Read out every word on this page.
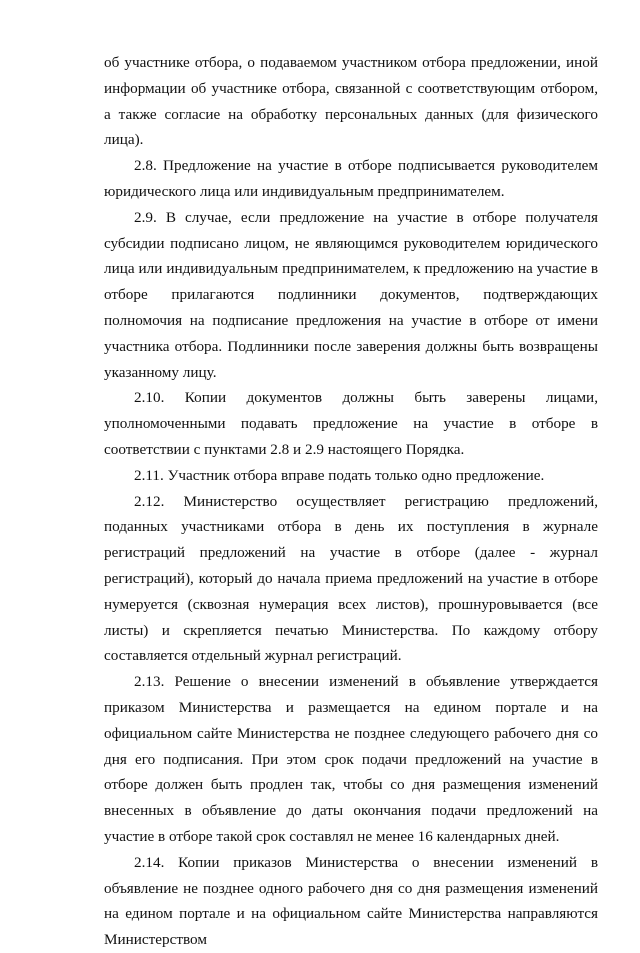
об участнике отбора, о подаваемом участником отбора предложении, иной информации об участнике отбора, связанной с соответствующим отбором, а также согласие на обработку персональных данных (для физического лица).

2.8. Предложение на участие в отборе подписывается руководителем юридического лица или индивидуальным предпринимателем.

2.9. В случае, если предложение на участие в отборе получателя субсидии подписано лицом, не являющимся руководителем юридического лица или индивидуальным предпринимателем, к предложению на участие в отборе прилагаются подлинники документов, подтверждающих полномочия на подписание предложения на участие в отборе от имени участника отбора. Подлинники после заверения должны быть возвращены указанному лицу.

2.10. Копии документов должны быть заверены лицами, уполномоченными подавать предложение на участие в отборе в соответствии с пунктами 2.8 и 2.9 настоящего Порядка.

2.11. Участник отбора вправе подать только одно предложение.

2.12. Министерство осуществляет регистрацию предложений, поданных участниками отбора в день их поступления в журнале регистраций предложений на участие в отборе (далее - журнал регистраций), который до начала приема предложений на участие в отборе нумеруется (сквозная нумерация всех листов), прошнуровывается (все листы) и скрепляется печатью Министерства. По каждому отбору составляется отдельный журнал регистраций.

2.13. Решение о внесении изменений в объявление утверждается приказом Министерства и размещается на едином портале и на официальном сайте Министерства не позднее следующего рабочего дня со дня его подписания. При этом срок подачи предложений на участие в отборе должен быть продлен так, чтобы со дня размещения изменений внесенных в объявление до даты окончания подачи предложений на участие в отборе такой срок составлял не менее 16 календарных дней.

2.14. Копии приказов Министерства о внесении изменений в объявление не позднее одного рабочего дня со дня размещения изменений на едином портале и на официальном сайте Министерства направляются Министерством
